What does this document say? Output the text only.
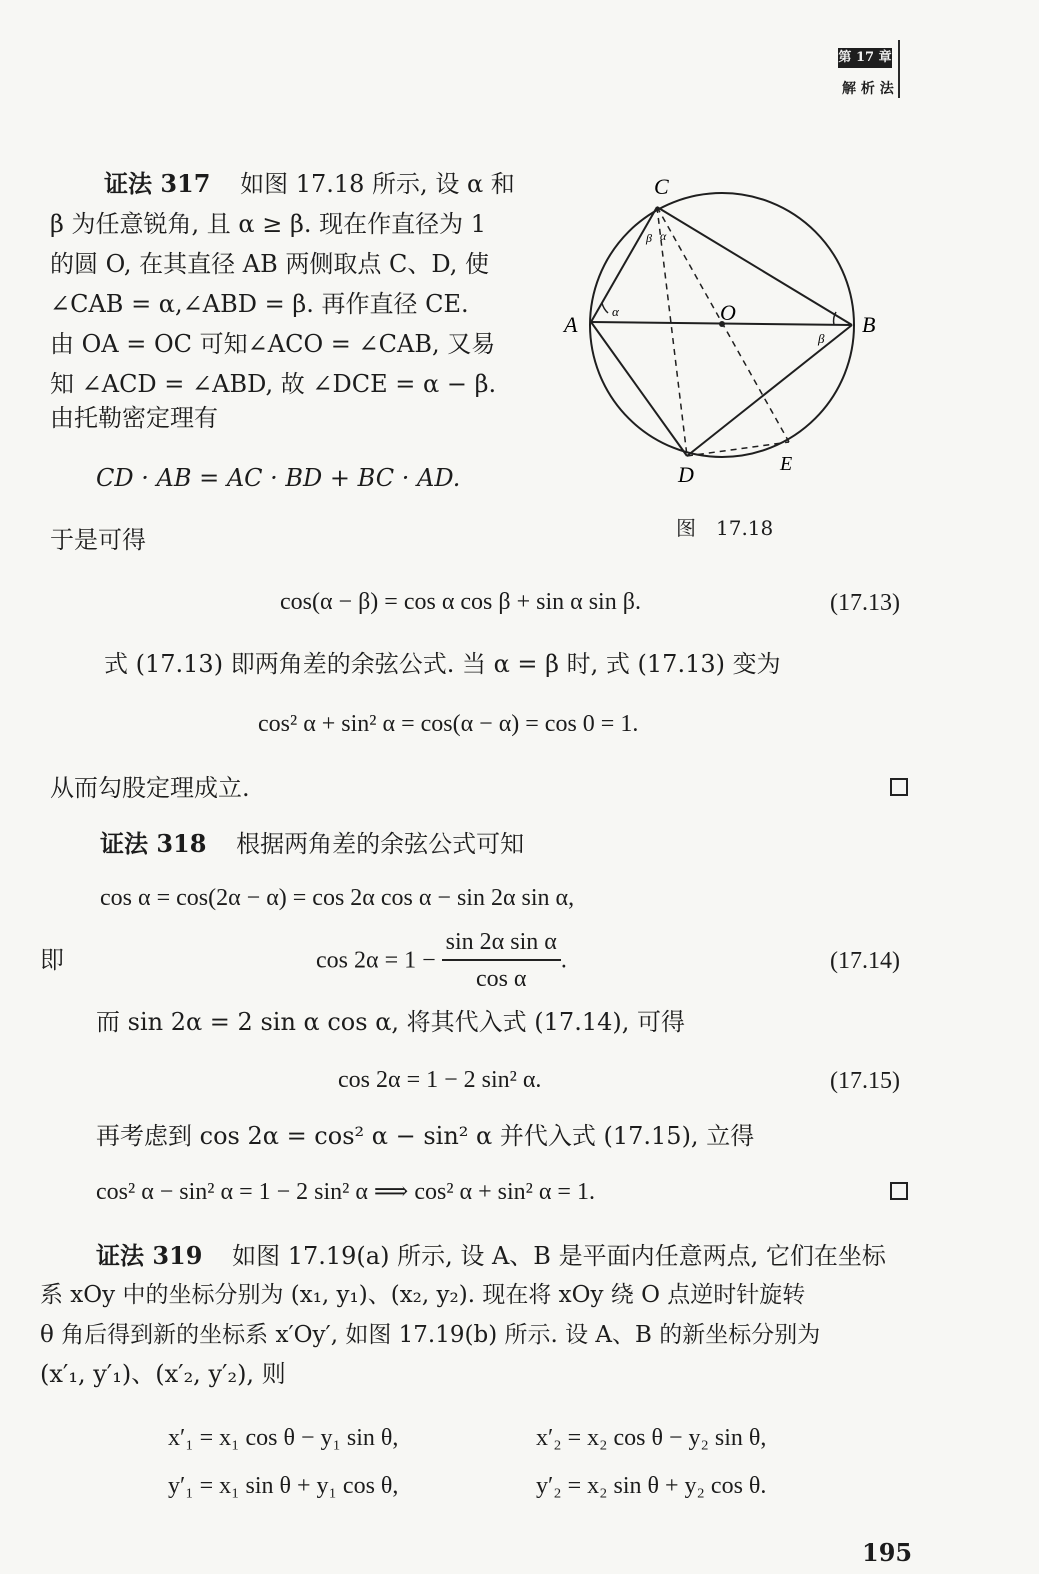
第 17 章
解 析 法
证法 317 如图 17.18 所示, 设 α 和
β 为任意锐角, 且 α ≥ β. 现在作直径为 1
的圆 O, 在其直径 AB 两侧取点 C、D, 使
∠CAB = α,∠ABD = β. 再作直径 CE.
由 OA = OC 可知∠ACO = ∠CAB, 又易
知 ∠ACD = ∠ABD, 故 ∠DCE = α − β.
由托勒密定理有
CD · AB = AC · BD + BC · AD.
于是可得
C
A	O	B
D	E
α
β
β α
图　17.18
cos(α − β) = cos α cos β + sin α sin β.	(17.13)
式 (17.13) 即两角差的余弦公式. 当 α = β 时, 式 (17.13) 变为
cos² α + sin² α = cos(α − α) = cos 0 = 1.
从而勾股定理成立.
证法 318 根据两角差的余弦公式可知
cos α = cos(2α − α) = cos 2α cos α − sin 2α sin α,
即	$\cos 2\alpha = 1 - \frac{\text{sin 2α sin α}}{\text{cos α}}$ .	(17.14)
而 sin 2α = 2 sin α cos α, 将其代入式 (17.14), 可得
cos 2α = 1 − 2 sin² α.	(17.15)
再考虑到 cos 2α = cos² α − sin² α 并代入式 (17.15), 立得
cos² α − sin² α = 1 − 2 sin² α ⟹ cos² α + sin² α = 1.
证法 319 如图 17.19(a) 所示, 设 A、B 是平面内任意两点, 它们在坐标
系 xOy 中的坐标分别为 (x₁, y₁)、(x₂, y₂). 现在将 xOy 绕 O 点逆时针旋转
θ 角后得到新的坐标系 x′Oy′, 如图 17.19(b) 所示. 设 A、B 的新坐标分别为
(x′₁, y′₁)、(x′₂, y′₂), 则
x′₁ = x₁ cos θ − y₁ sin θ,	x′₂ = x₂ cos θ − y₂ sin θ,
y′₁ = x₁ sin θ + y₁ cos θ,	y′₂ = x₂ sin θ + y₂ cos θ.
195
